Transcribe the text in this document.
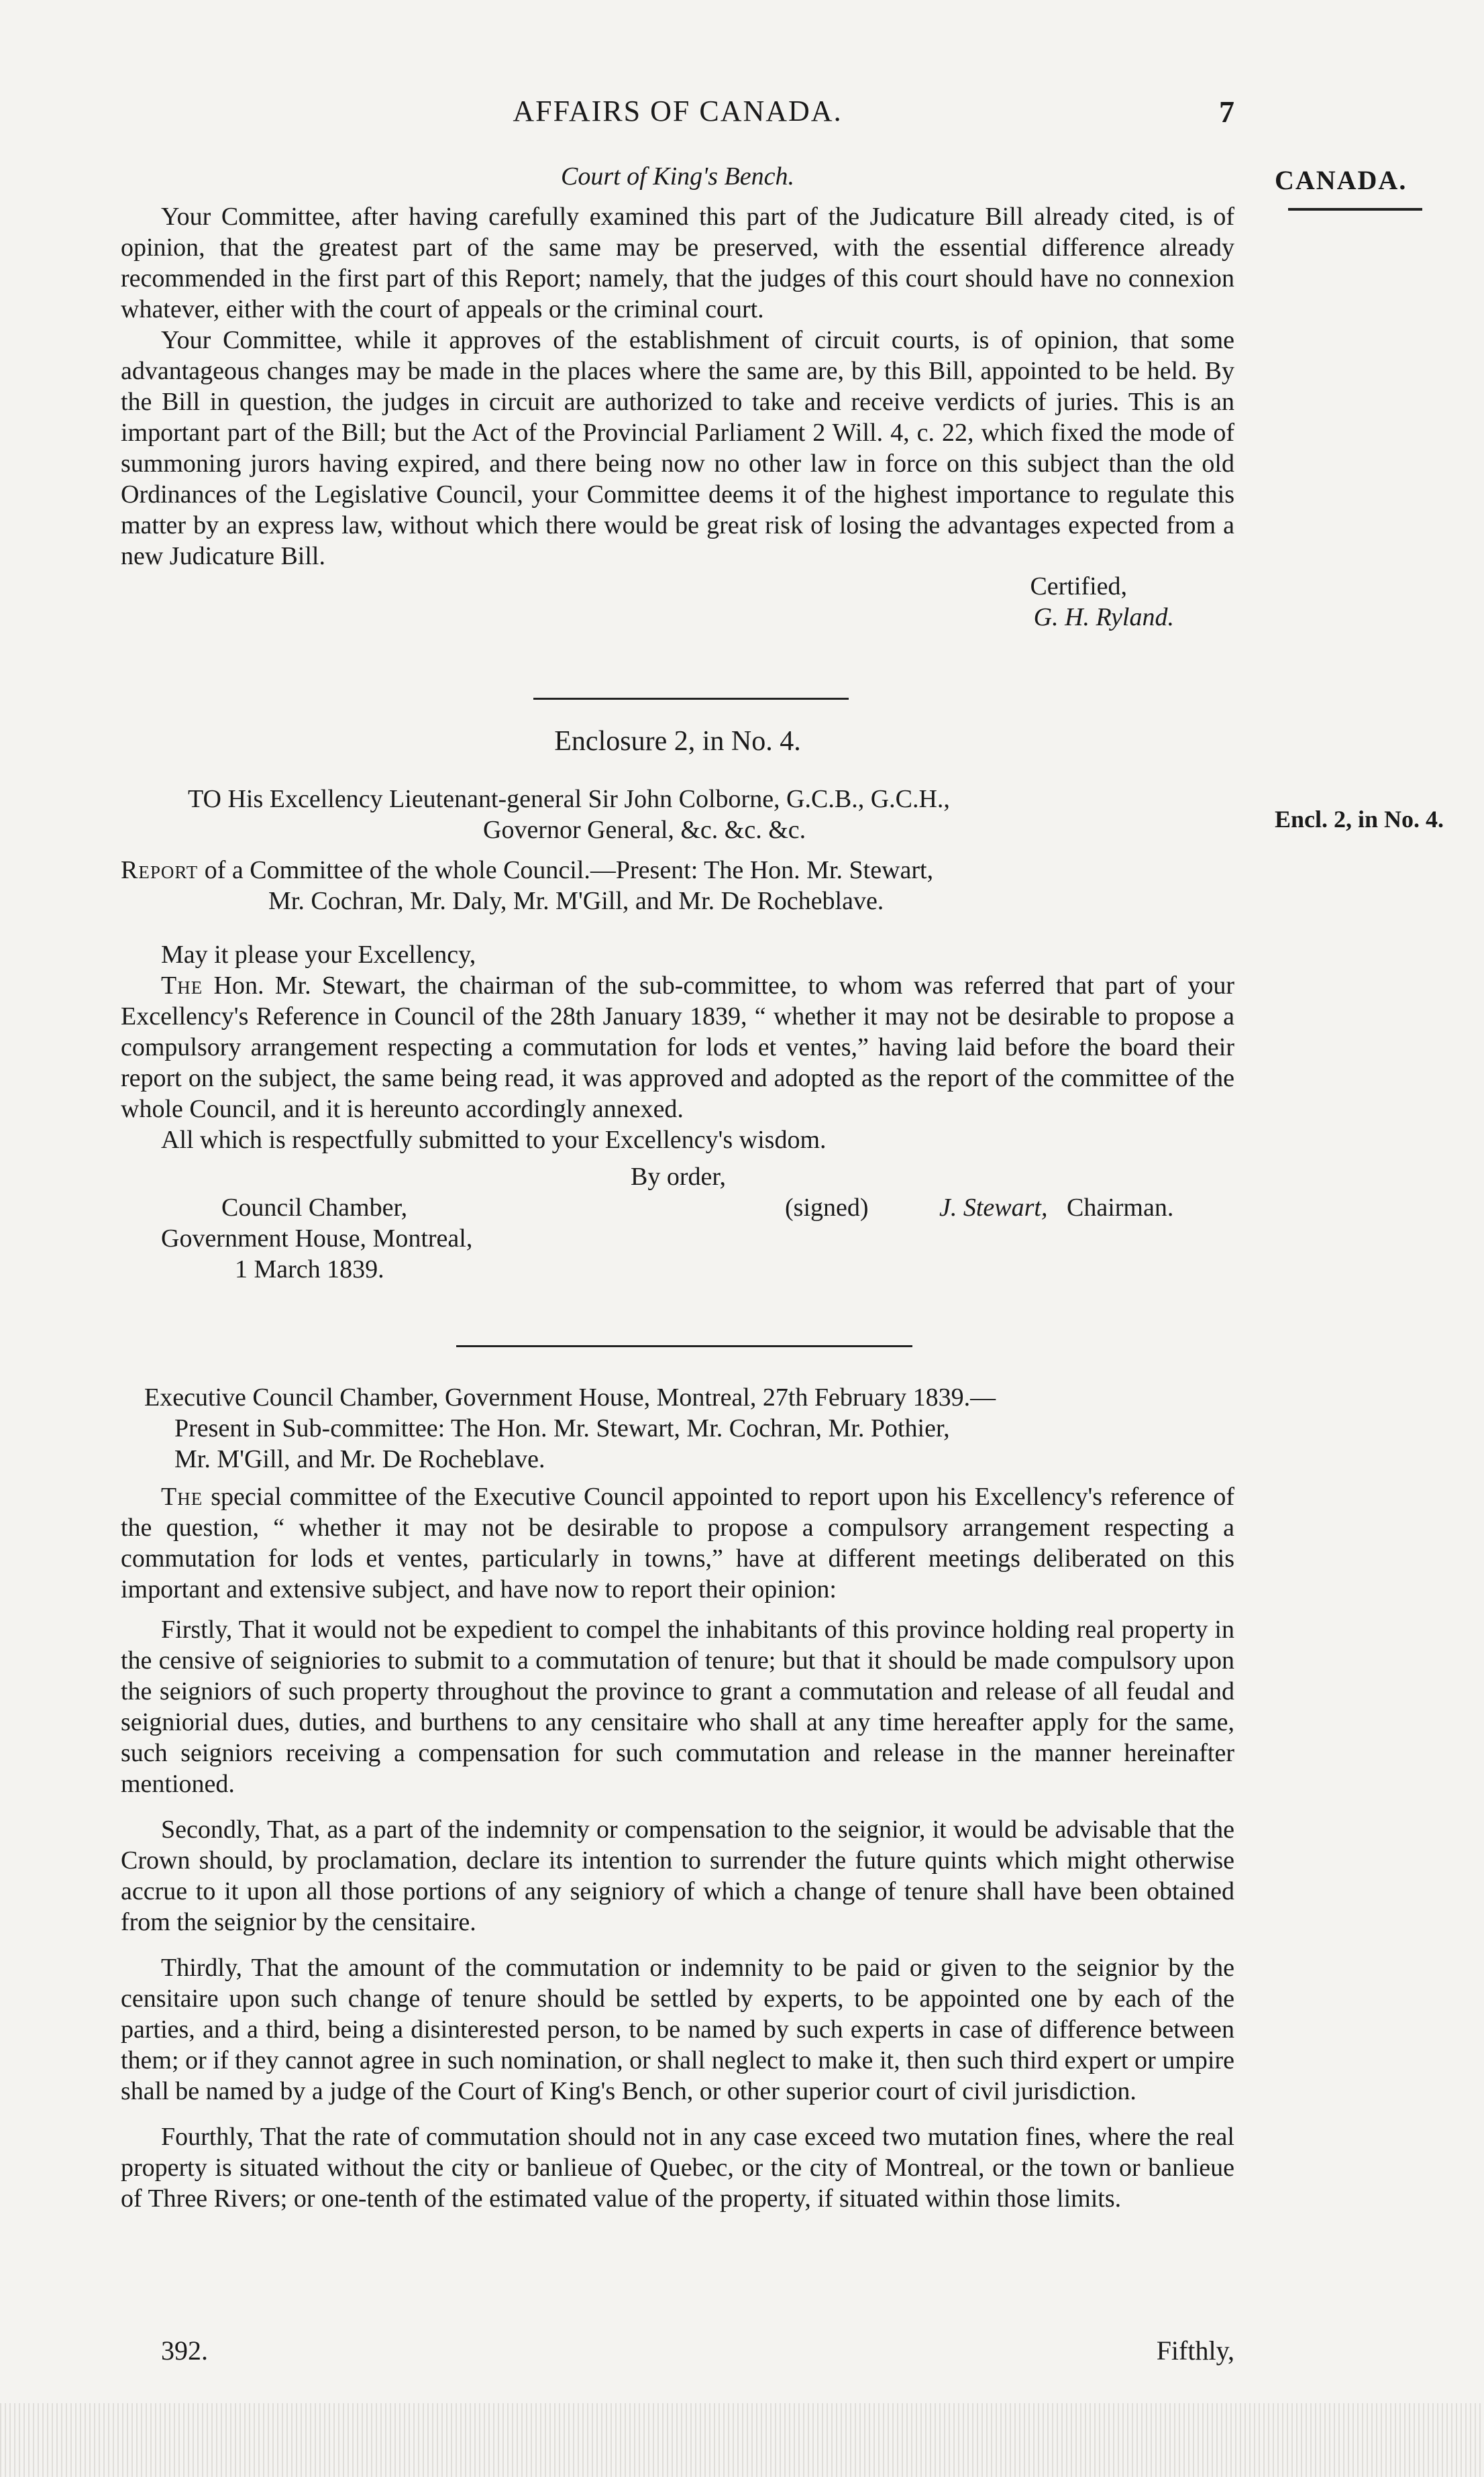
AFFAIRS OF CANADA.	7
CANADA.
Encl. 2, in No. 4.

Court of King's Bench.

Your Committee, after having carefully examined this part of the Judicature Bill already cited, is of opinion, that the greatest part of the same may be preserved, with the essential difference already recommended in the first part of this Report; namely, that the judges of this court should have no connexion whatever, either with the court of appeals or the criminal court.

Your Committee, while it approves of the establishment of circuit courts, is of opinion, that some advantageous changes may be made in the places where the same are, by this Bill, appointed to be held. By the Bill in question, the judges in circuit are authorized to take and receive verdicts of juries. This is an important part of the Bill; but the Act of the Provincial Parliament 2 Will. 4, c. 22, which fixed the mode of summoning jurors having expired, and there being now no other law in force on this subject than the old Ordinances of the Legislative Council, your Committee deems it of the highest importance to regulate this matter by an express law, without which there would be great risk of losing the advantages expected from a new Judicature Bill.

Certified,
G. H. Ryland.

Enclosure 2, in No. 4.

TO His Excellency Lieutenant-general Sir John Colborne, G.C.B., G.C.H.,

Governor General, &c. &c. &c.

Report of a Committee of the whole Council.—Present: The Hon. Mr. Stewart,

Mr. Cochran, Mr. Daly, Mr. M'Gill, and Mr. De Rocheblave.

May it please your Excellency,

The Hon. Mr. Stewart, the chairman of the sub-committee, to whom was referred that part of your Excellency's Reference in Council of the 28th January 1839, “ whether it may not be desirable to propose a compulsory arrangement respecting a commutation for lods et ventes,” having laid before the board their report on the subject, the same being read, it was approved and adopted as the report of the committee of the whole Council, and it is hereunto accordingly annexed.

All which is respectfully submitted to your Excellency's wisdom.

By order,
Council Chamber,
Government House, Montreal,
1 March 1839.
(signed)	J. Stewart, Chairman.

Executive Council Chamber, Government House, Montreal, 27th February 1839.—

Present in Sub-committee: The Hon. Mr. Stewart, Mr. Cochran, Mr. Pothier,

Mr. M'Gill, and Mr. De Rocheblave.

The special committee of the Executive Council appointed to report upon his Excellency's reference of the question, “ whether it may not be desirable to propose a compulsory arrangement respecting a commutation for lods et ventes, particularly in towns,” have at different meetings deliberated on this important and extensive subject, and have now to report their opinion:

Firstly, That it would not be expedient to compel the inhabitants of this province holding real property in the censive of seigniories to submit to a commutation of tenure; but that it should be made compulsory upon the seigniors of such property throughout the province to grant a commutation and release of all feudal and seigniorial dues, duties, and burthens to any censitaire who shall at any time hereafter apply for the same, such seigniors receiving a compensation for such commutation and release in the manner hereinafter mentioned.

Secondly, That, as a part of the indemnity or compensation to the seignior, it would be advisable that the Crown should, by proclamation, declare its intention to surrender the future quints which might otherwise accrue to it upon all those portions of any seigniory of which a change of tenure shall have been obtained from the seignior by the censitaire.

Thirdly, That the amount of the commutation or indemnity to be paid or given to the seignior by the censitaire upon such change of tenure should be settled by experts, to be appointed one by each of the parties, and a third, being a disinterested person, to be named by such experts in case of difference between them; or if they cannot agree in such nomination, or shall neglect to make it, then such third expert or umpire shall be named by a judge of the Court of King's Bench, or other superior court of civil jurisdiction.

Fourthly, That the rate of commutation should not in any case exceed two mutation fines, where the real property is situated without the city or banlieue of Quebec, or the city of Montreal, or the town or banlieue of Three Rivers; or one-tenth of the estimated value of the property, if situated within those limits.

392.	Fifthly,
